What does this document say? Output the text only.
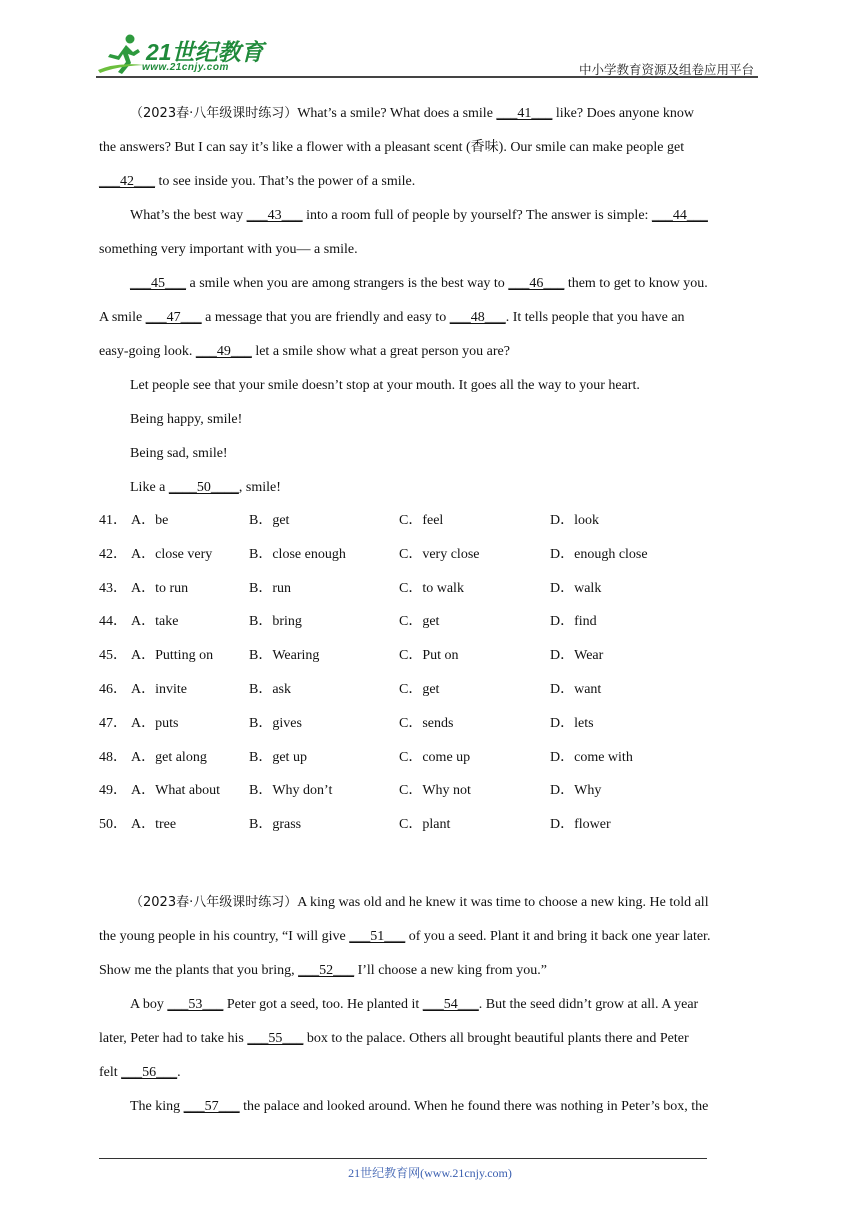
21世纪教育
www.21cnjy.com	中小学教育资源及组卷应用平台
（2023春·八年级课时练习）What’s a smile? What does a smile ___41___ like? Does anyone know
the answers? But I can say it’s like a flower with a pleasant scent (香味). Our smile can make people get
___42___ to see inside you. That’s the power of a smile.
What’s the best way ___43___ into a room full of people by yourself? The answer is simple: ___44___
something very important with you— a smile.
___45___ a smile when you are among strangers is the best way to ___46___ them to get to know you.
A smile ___47___ a message that you are friendly and easy to ___48___. It tells people that you have an
easy-going look. ___49___ let a smile show what a great person you are?
Let people see that your smile doesn’t stop at your mouth. It goes all the way to your heart.
Being happy, smile!
Being sad, smile!
Like a ____50____, smile!
41． A．be	B．get	C．feel	D．look
42． A．close very	B．close enough	C．very close	D．enough close
43． A．to run	B．run	C．to walk	D．walk
44． A．take	B．bring	C．get	D．find
45． A．Putting on	B．Wearing	C．Put on	D．Wear
46． A．invite	B．ask	C．get	D．want
47． A．puts	B．gives	C．sends	D．lets
48． A．get along	B．get up	C．come up	D．come with
49． A．What about B．Why don’t	C．Why not	D．Why
50． A．tree	B．grass	C．plant	D．flower
（2023春·八年级课时练习）A king was old and he knew it was time to choose a new king. He told all
the young people in his country, “I will give ___51___ of you a seed. Plant it and bring it back one year later.
Show me the plants that you bring, ___52___ I’ll choose a new king from you.”
A boy ___53___ Peter got a seed, too. He planted it ___54___. But the seed didn’t grow at all. A year
later, Peter had to take his ___55___ box to the palace. Others all brought beautiful plants there and Peter
felt ___56___.
The king ___57___ the palace and looked around. When he found there was nothing in Peter’s box, the
21世纪教育网(www.21cnjy.com)
